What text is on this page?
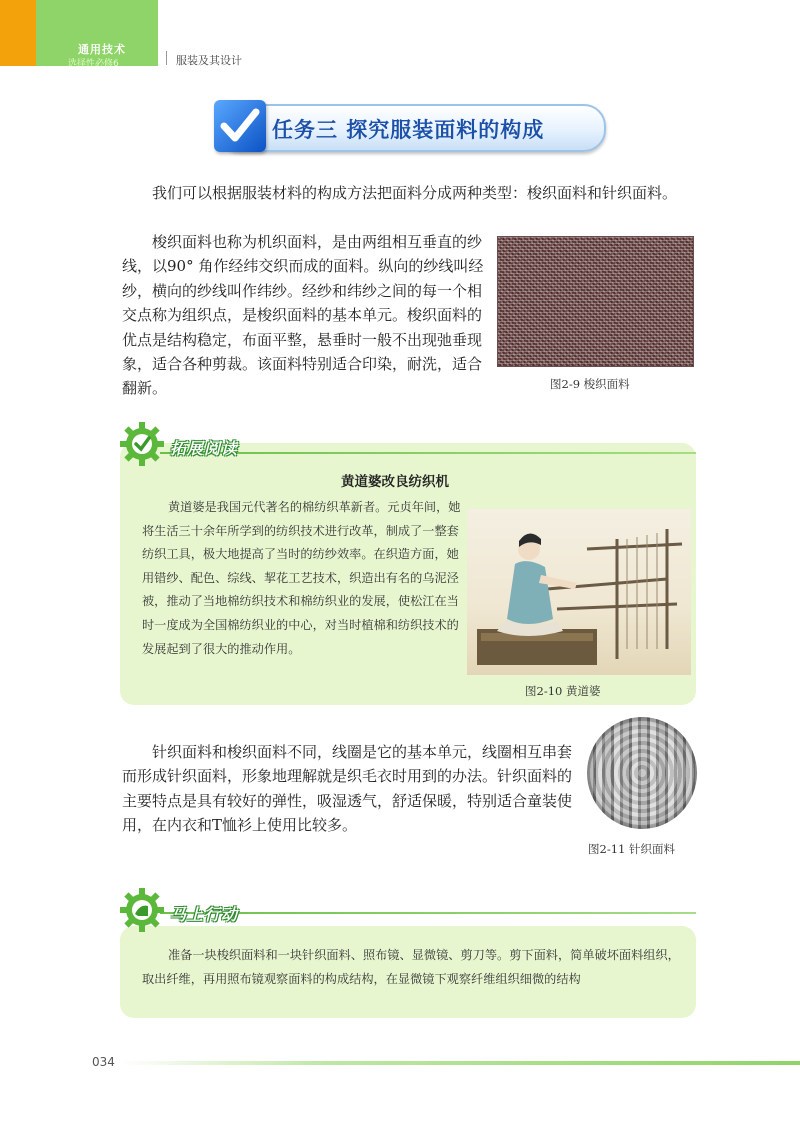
通用技术
选择性必修6	服装及其设计
任务三 探究服装面料的构成

我们可以根据服装材料的构成方法把面料分成两种类型：梭织面料和针织面料。

梭织面料也称为机织面料，是由两组相互垂直的纱线，以90° 角作经纬交织而成的面料。纵向的纱线叫经纱，横向的纱线叫作纬纱。经纱和纬纱之间的每一个相交点称为组织点，是梭织面料的基本单元。梭织面料的优点是结构稳定，布面平整，悬垂时一般不出现弛垂现象，适合各种剪裁。该面料特别适合印染，耐洗，适合翻新。	图2-9 梭织面料
拓展阅读
黄道婆改良纺织机

黄道婆是我国元代著名的棉纺织革新者。元贞年间，她将生活三十余年所学到的纺织技术进行改革，制成了一整套纺织工具，极大地提高了当时的纺纱效率。在织造方面，她用错纱、配色、综线、挈花工艺技术，织造出有名的乌泥泾被，推动了当地棉纺织技术和棉纺织业的发展，使松江在当时一度成为全国棉纺织业的中心，对当时植棉和纺织技术的发展起到了很大的推动作用。

图2-10 黄道婆

针织面料和梭织面料不同，线圈是它的基本单元，线圈相互串套而形成针织面料，形象地理解就是织毛衣时用到的办法。针织面料的主要特点是具有较好的弹性，吸湿透气，舒适保暖，特别适合童装使用，在内衣和T恤衫上使用比较多。

图2-11 针织面料
马上行动

准备一块梭织面料和一块针织面料、照布镜、显微镜、剪刀等。剪下面料，简单破坏面料组织，取出纤维，再用照布镜观察面料的构成结构，在显微镜下观察纤维组织细微的结构

034
